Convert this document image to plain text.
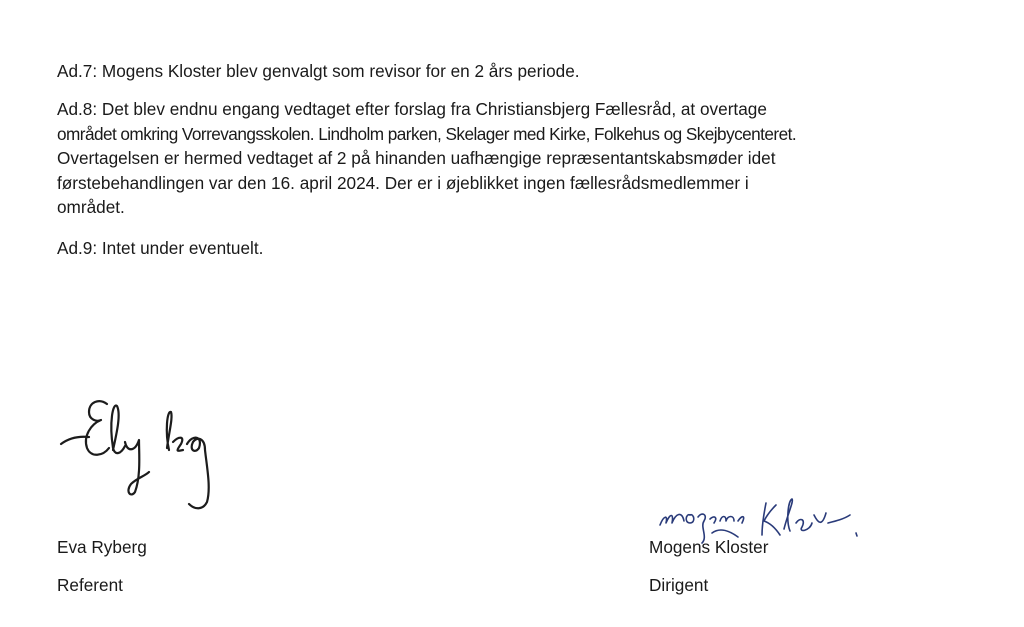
Ad.7: Mogens Kloster blev genvalgt som revisor for en 2 års periode.

Ad.8: Det blev endnu engang vedtaget efter forslag fra Christiansbjerg Fællesråd, at overtage
området omkring Vorrevangsskolen. Lindholm parken, Skelager med Kirke, Folkehus og Skejbycenteret.
Overtagelsen er hermed vedtaget af 2 på hinanden uafhængige repræsentantskabsmøder idet
førstebehandlingen var den 16. april 2024. Der er i øjeblikket ingen fællesrådsmedlemmer i
området.

Ad.9: Intet under eventuelt.

Eva Ryberg
Referent
Mogens Kloster
Dirigent
